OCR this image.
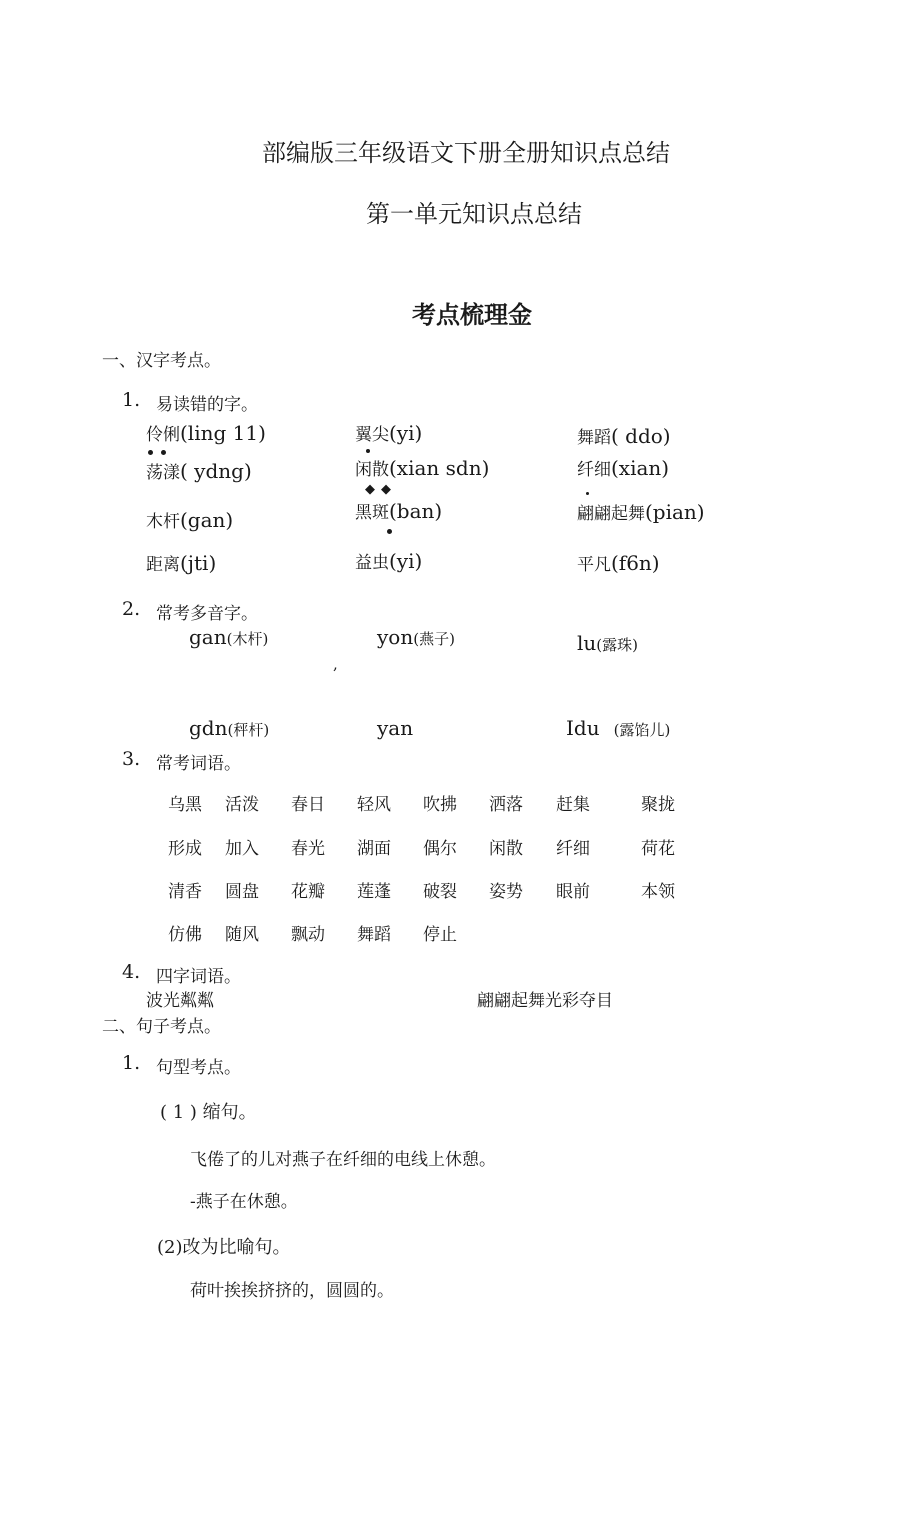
部编版三年级语文下册全册知识点总结
第一单元知识点总结
考点梳理金
一、汉字考点。
1. 易读错的字。
伶俐(ling 11)	翼尖(yi)	舞蹈( ddo)
荡漾( ydng)	闲散(xian sdn)	纤细(xian)
木杆(gan)	黑斑(ban)	翩翩起舞(pian)
距离(jti)	益虫(yi)	平凡(f6n)
◆ ◆
2. 常考多音字。
gan(木杆)	yon(燕子)	lu(露珠)
,
gdn(秤杆)	yan	Idu (露馅儿)
3. 常考词语。
乌黑 活泼 春日 轻风 吹拂 洒落 赶集	聚拢
形成 加入 春光 湖面 偶尔 闲散 纤细	荷花
清香 圆盘 花瓣 莲蓬 破裂 姿势 眼前	本领
仿佛 随风 飘动 舞蹈 停止
4. 四字词语。
波光粼粼	翩翩起舞光彩夺目
二、句子考点。
1. 句型考点。
( 1 ) 缩句。
飞倦了的儿对燕子在纤细的电线上休憩。
-燕子在休憩。
(2)改为比喻句。
荷叶挨挨挤挤的，圆圆的。
